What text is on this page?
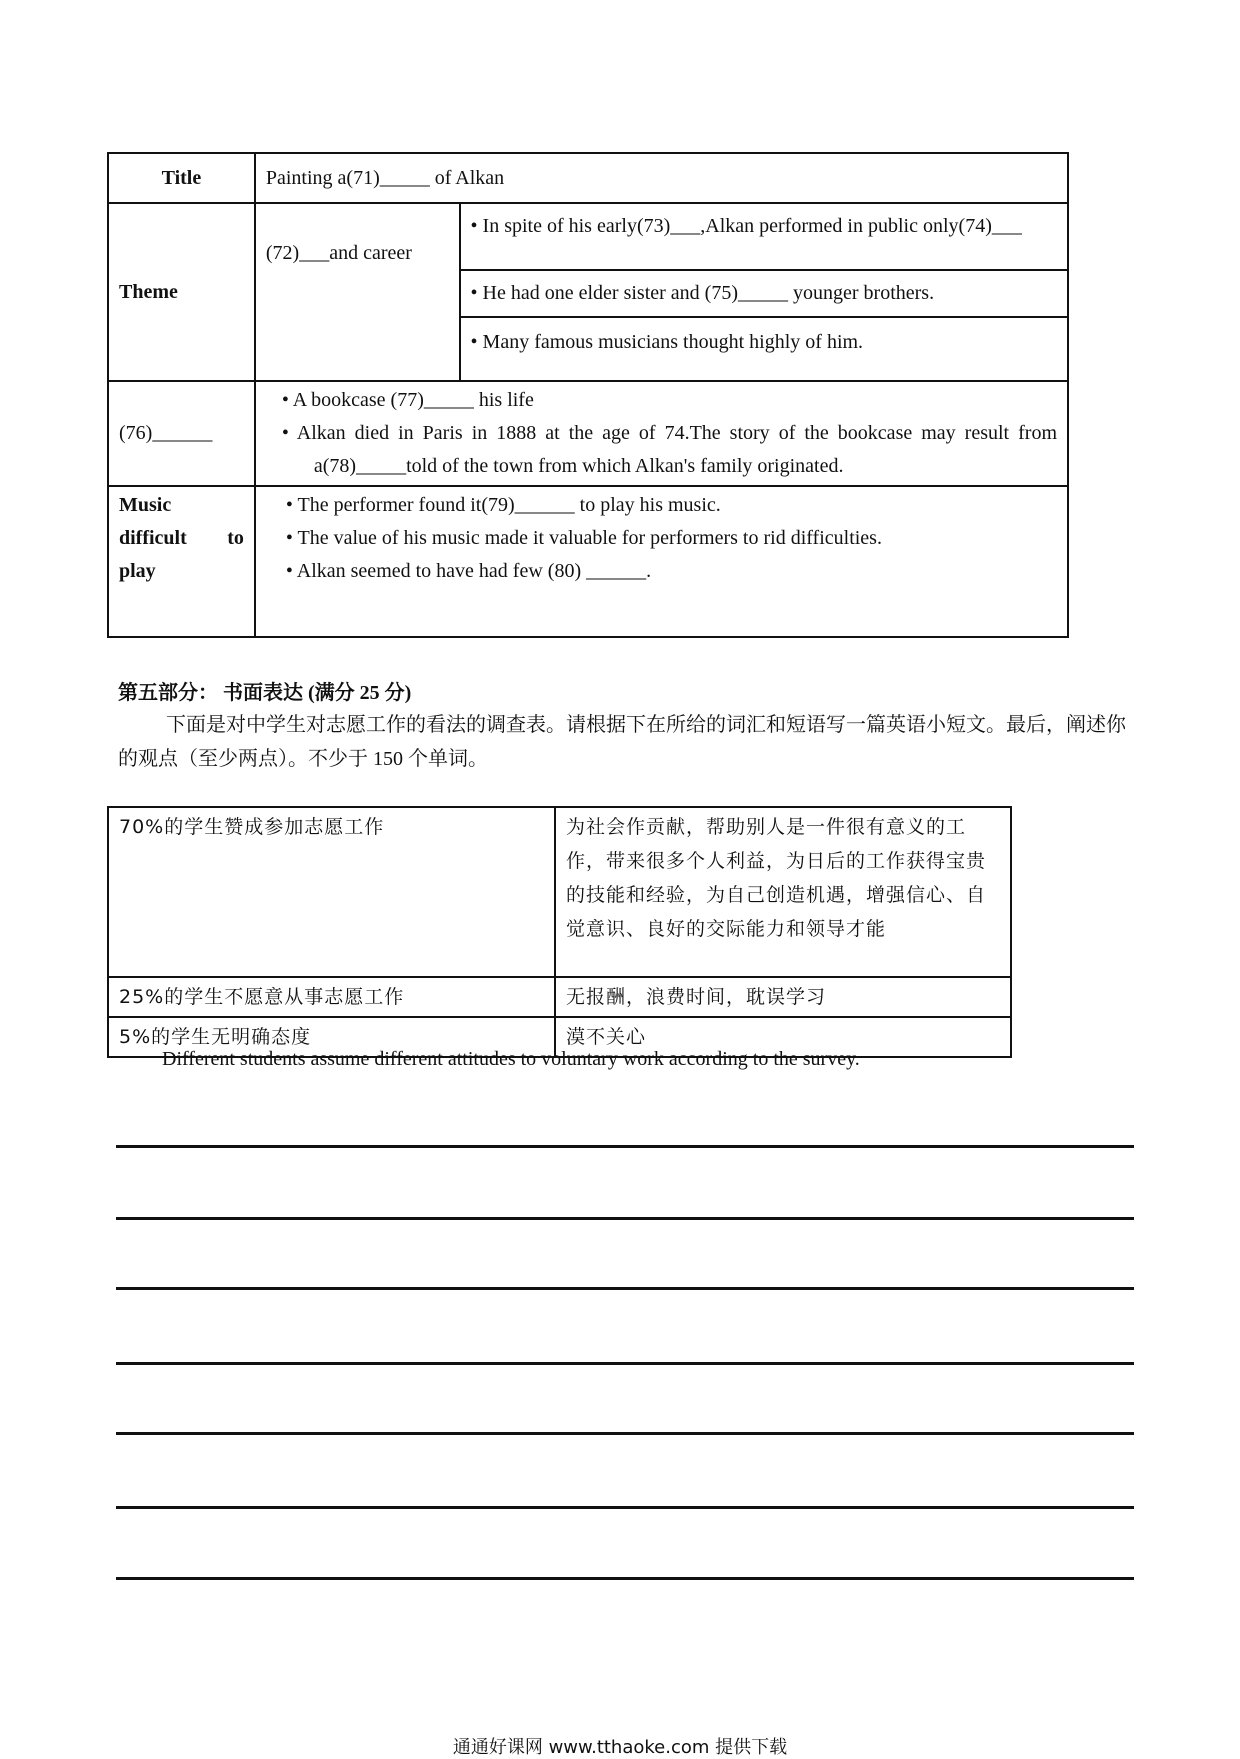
Title	Painting a(71)_____ of Alkan	
Theme	(72)___and career	• In spite of his early(73)___,Alkan performed in public only(74)___
		• He had one elder sister and (75)_____ younger brothers.
		• Many famous musicians thought highly of him.
(76)______	• A bookcase (77)_____ his life
• Alkan died in Paris in 1888 at the age of 74.The story of the bookcase may result from a(78)_____told of the town from which Alkan's family originated.	

Music difficult to play	• The performer found it(79)______ to play his music.
• The value of his music made it valuable for performers to rid difficulties.
• Alkan seemed to have had few (80) ______.	
第五部分： 书面表达 (满分 25 分)
下面是对中学生对志愿工作的看法的调查表。请根据下在所给的词汇和短语写一篇英语小短文。最后，阐述你的观点（至少两点）。不少于 150 个单词。
70%的学生赞成参加志愿工作	为社会作贡献，帮助别人是一件很有意义的工作，带来很多个人利益，为日后的工作获得宝贵的技能和经验，为自己创造机遇，增强信心、自觉意识、良好的交际能力和领导才能
25%的学生不愿意从事志愿工作	无报酬，浪费时间，耽误学习
5%的学生无明确态度	漠不关心
Different students assume different attitudes to voluntary work according to the survey.
通通好课网 www.tthaoke.com 提供下载
